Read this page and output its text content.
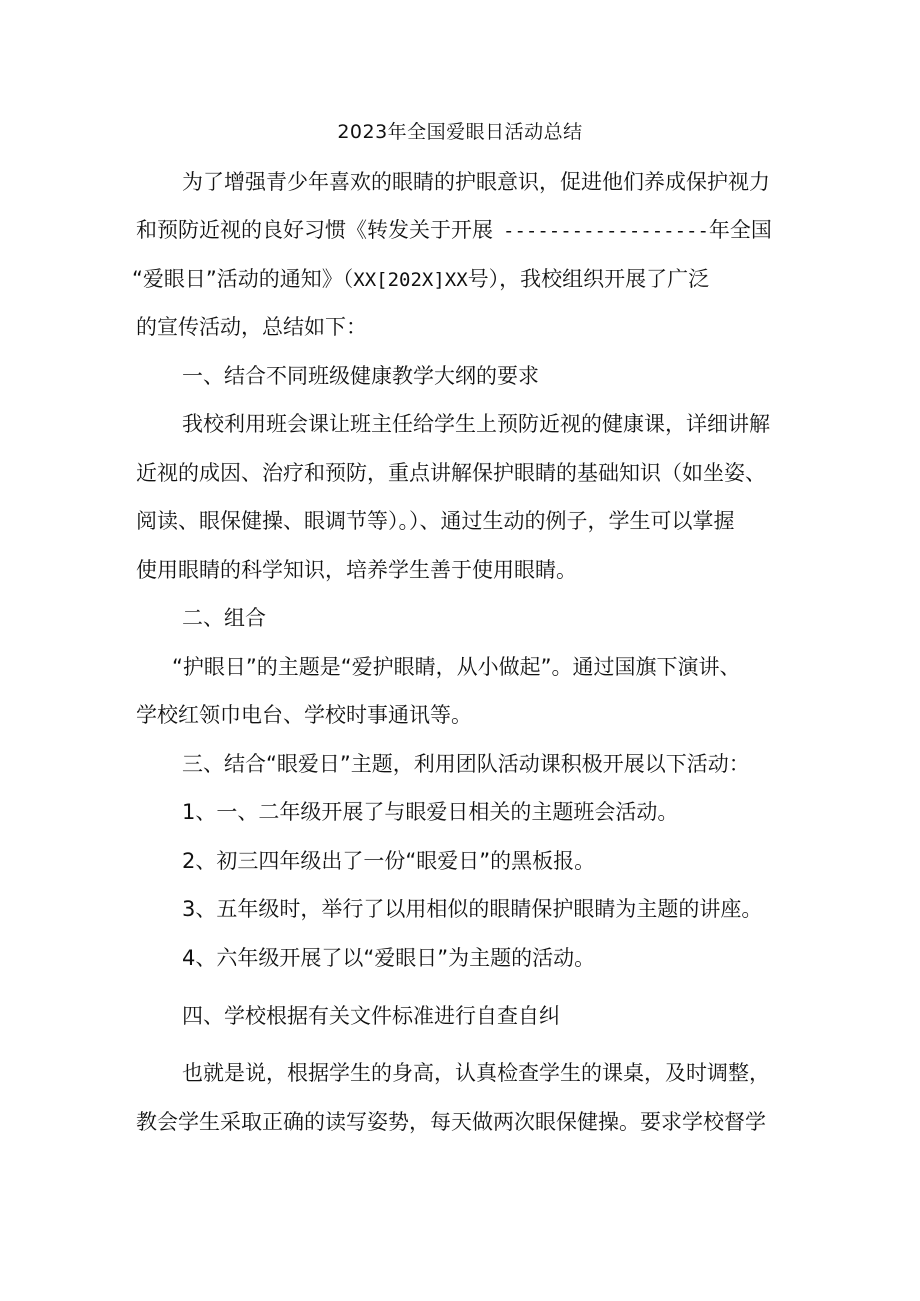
2023年全国爱眼日活动总结
为了增强青少年喜欢的眼睛的护眼意识，促进他们养成保护视力
和预防近视的良好习惯《转发关于开展 ------------------年全国
“爱眼日”活动的通知》（XX[202X]XX号），我校组织开展了广泛
的宣传活动，总结如下：
一、结合不同班级健康教学大纲的要求
我校利用班会课让班主任给学生上预防近视的健康课，详细讲解
近视的成因、治疗和预防，重点讲解保护眼睛的基础知识（如坐姿、
阅读、眼保健操、眼调节等）。）、通过生动的例子，学生可以掌握
使用眼睛的科学知识，培养学生善于使用眼睛。
二、组合
“护眼日”的主题是“爱护眼睛，从小做起”。通过国旗下演讲、
学校红领巾电台、学校时事通讯等。
三、结合“眼爱日”主题，利用团队活动课积极开展以下活动：
1、一、二年级开展了与眼爱日相关的主题班会活动。
2、初三四年级出了一份“眼爱日”的黑板报。
3、五年级时，举行了以用相似的眼睛保护眼睛为主题的讲座。
4、六年级开展了以“爱眼日”为主题的活动。
四、学校根据有关文件标准进行自查自纠
也就是说，根据学生的身高，认真检查学生的课桌，及时调整，
教会学生采取正确的读写姿势，每天做两次眼保健操。要求学校督学
